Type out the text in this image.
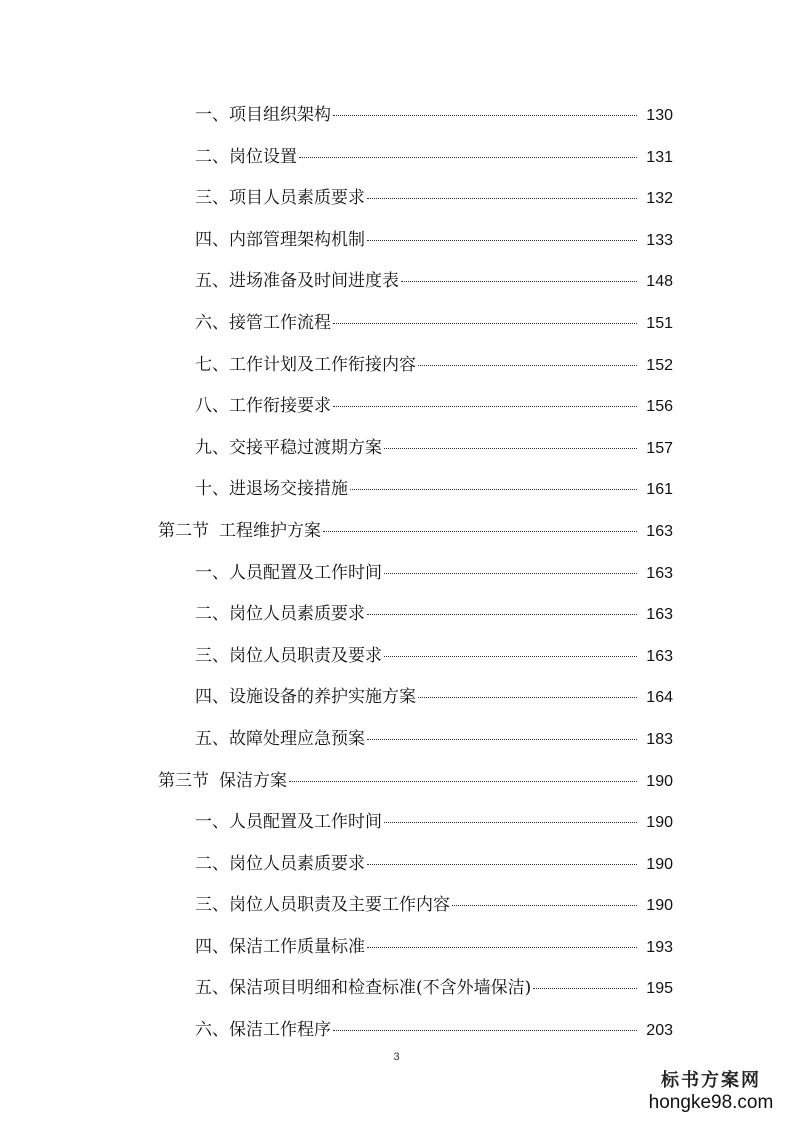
一、项目组织架构	130
二、岗位设置	131
三、项目人员素质要求	132
四、内部管理架构机制	133
五、进场准备及时间进度表	148
六、接管工作流程	151
七、工作计划及工作衔接内容	152
八、工作衔接要求	156
九、交接平稳过渡期方案	157
十、进退场交接措施	161
第二节 工程维护方案	163
一、人员配置及工作时间	163
二、岗位人员素质要求	163
三、岗位人员职责及要求	163
四、设施设备的养护实施方案	164
五、故障处理应急预案	183
第三节 保洁方案	190
一、人员配置及工作时间	190
二、岗位人员素质要求	190
三、岗位人员职责及主要工作内容	190
四、保洁工作质量标准	193
五、保洁项目明细和检查标准(不含外墙保洁)	195
六、保洁工作程序	203
3
标书方案网
hongke98.com
